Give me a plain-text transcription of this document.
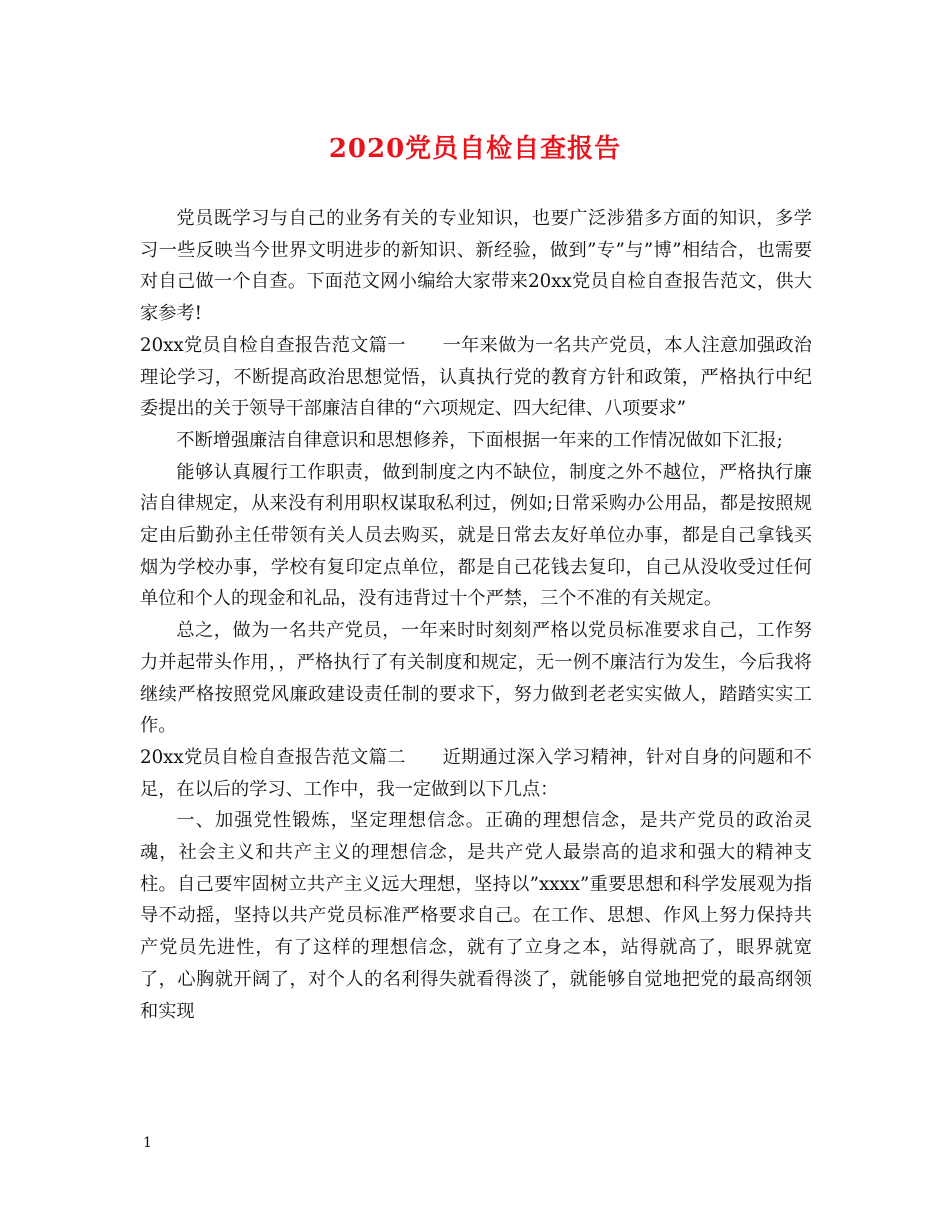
2020党员自检自查报告

党员既学习与自己的业务有关的专业知识，也要广泛涉猎多方面的知识，多学习一些反映当今世界文明进步的新知识、新经验，做到”专”与”博”相结合，也需要对自己做一个自查。下面范文网小编给大家带来20xx党员自检自查报告范文，供大家参考!

20xx党员自检自查报告范文篇一　　一年来做为一名共产党员，本人注意加强政治理论学习，不断提高政治思想觉悟，认真执行党的教育方针和政策，严格执行中纪委提出的关于领导干部廉洁自律的“六项规定、四大纪律、八项要求”

不断增强廉洁自律意识和思想修养，下面根据一年来的工作情况做如下汇报;

能够认真履行工作职责，做到制度之内不缺位，制度之外不越位，严格执行廉洁自律规定，从来没有利用职权谋取私利过，例如;日常采购办公用品，都是按照规定由后勤孙主任带领有关人员去购买，就是日常去友好单位办事，都是自己拿钱买烟为学校办事，学校有复印定点单位，都是自己花钱去复印，自己从没收受过任何单位和个人的现金和礼品，没有违背过十个严禁，三个不准的有关规定。

总之，做为一名共产党员，一年来时时刻刻严格以党员标准要求自己，工作努力并起带头作用，，严格执行了有关制度和规定，无一例不廉洁行为发生，今后我将继续严格按照党风廉政建设责任制的要求下，努力做到老老实实做人，踏踏实实工作。

20xx党员自检自查报告范文篇二　　近期通过深入学习精神，针对自身的问题和不足，在以后的学习、工作中，我一定做到以下几点：

一、加强党性锻炼，坚定理想信念。正确的理想信念，是共产党员的政治灵魂，社会主义和共产主义的理想信念，是共产党人最崇高的追求和强大的精神支柱。自己要牢固树立共产主义远大理想，坚持以”xxxx”重要思想和科学发展观为指导不动摇，坚持以共产党员标准严格要求自己。在工作、思想、作风上努力保持共产党员先进性，有了这样的理想信念，就有了立身之本，站得就高了，眼界就宽了，心胸就开阔了，对个人的名利得失就看得淡了，就能够自觉地把党的最高纲领和实现

1
